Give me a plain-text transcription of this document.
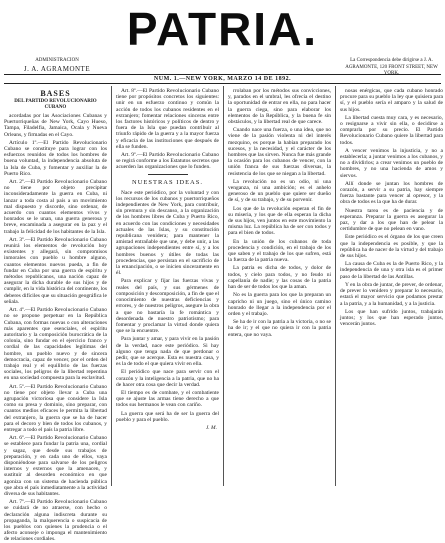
ADMINISTRACION
J. A. AGRAMONTE
PATRIA.
La Correspondencia debe dirigirse a J. A. AGRAMONTE, 120 FRONT STREET, NEW
NUM. 1.—NEW YORK, MARZO 14 DE 1892.
BASES
DEL PARTIDO REVOLUCIONARIO CUBANO

acordadas por las Asociaciones Cubanas y Puertorriqueñas de New York, Cayo Hueso, Tampa, Filadelfia, Jamaica, Ocala y Nueva Orleans, y firmadas en el Cayo.

Artículo 1º.—El Partido Revolucionario Cubano se constituye para lograr con los esfuerzos reunidos de todos los hombres de buena voluntad, la independencia absoluta de la Isla de Cuba, y fomentar y auxiliar la de Puerto Rico.

Art. 2º.—El Partido Revolucionario Cubano no tiene por objeto precipitar inconsideradamente la guerra en Cuba, ni lanzar a toda costa al país a un movimiento mal dispuesto y discorde, sino ordenar, de acuerdo con cuantos elementos vivos y honrados se le unan, una guerra generosa y breve, encaminada a asegurar en la paz y el trabajo la felicidad de los habitantes de la Isla.

Art. 3º.—El Partido Revolucionario Cubano reunirá los elementos de revolución hoy existentes y allegará, sin compromisos inmorales con pueblo u hombre alguno, cuantos elementos nuevos pueda, a fin de fundar en Cuba por una guerra de espíritu y métodos republicanos, una nación capaz de asegurar la dicha durable de sus hijos y de cumplir, en la vida histórica del continente, los deberes difíciles que su situación geográfica le señala.

Art. 4º.—El Partido Revolucionario Cubano no se propone perpetuar en la República Cubana, con formas nuevas o con alteraciones más aparentes que esenciales, el espíritu autoritario y la composición burocrática de la colonia, sino fundar en el ejercicio franco y cordial de las capacidades legítimas del hombre, un pueblo nuevo y de sincera democracia, capaz de vencer, por el orden del trabajo real y el equilibrio de las fuerzas sociales, los peligros de la libertad repentina en una sociedad compuesta para la esclavitud.

Art. 5º.—El Partido Revolucionario Cubano no tiene por objeto llevar a Cuba una agrupación victoriosa que considere la Isla como su presa y dominio, sino preparar, con cuantos medios eficaces le permita la libertad del extranjero, la guerra que se ha de hacer para el decoro y bien de todos los cubanos, y entregar a todo el país la patria libre.

Art. 6º.—El Partido Revolucionario Cubano se establece para fundar la patria una, cordial y sagaz, que desde sus trabajos de preparación, y en cada uno de ellos, vaya disponiéndose para salvarse de los peligros internos y externos que la amenacen, y sustituir al desorden económico en que agoniza con un sistema de hacienda pública que abra el país inmediatamente a la actividad diversa de sus habitantes.

Art. 7º.—El Partido Revolucionario Cubano se cuidará de no atraerse, con hecho o declaración alguna indiscreta durante su propaganda, la malquerencia o suspicacia de los pueblos con quienes la prudencia o el afecto aconseje o imponga el mantenimiento de relaciones cordiales.

Art. 8º.—El Partido Revolucionario Cubano tiene por propósitos concretos los siguientes: unir en un esfuerzo continuo y común la acción de todos los cubanos residentes en el extranjero; fomentar relaciones sinceras entre los factores históricos y políticos de dentro y fuera de la Isla que puedan contribuir al triunfo rápido de la guerra y a la mayor fuerza y eficacia de las instituciones que después de ella se funden.

Art. 9º.—El Partido Revolucionario Cubano se regirá conforme a los Estatutos secretos que acuerden las organizaciones que lo funden.

NUESTRAS IDEAS.

Nace este periódico, por la voluntad y con los recursos de los cubanos y puertorriqueños independientes de New York, para contribuir, sin premura y sin descanso, a la organización de los hombres libres de Cuba y Puerto Rico, en acuerdo con las condiciones y necesidades actuales de las Islas, y su constitución republicana venidera; para mantener la amistad entrañable que une, y debe unir, a las agrupaciones independientes entre sí, y a los hombres buenos y útiles de todas las procedencias, que persistan en el sacrificio de la emancipación, o se inicien sinceramente en él.

Para explicar y fijar las fuerzas vivas y reales del país, y sus gérmenes de composición y descomposición, a fin de que el conocimiento de nuestras deficiencias y errores, y de nuestros peligros, asegure la obra a que no bastaría la fe romántica y desordenada de nuestro patriotismo; para fomentar y proclamar la virtud donde quiera que se la encuentre.

Para juntar y amar, y para vivir en la pasión de la verdad, nace este periódico. Si hay alguno que tenga nada de que perdonar o pedir, que se acerque. Esta es nuestra casa, y es la de todo el que quiera vivir en ella.

El periódico que nace para servir con el corazón y la inteligencia a la patria, que no ha de hacer otra cosa que decir la verdad.

El tiempo es de combate, y el combatiente que se ajuste las armas tiene derecho a que todos sus hermanos le vean con cariño.

La guerra que será ha de ser la guerra del pueblo y para el pueblo.

J. M.

rrolaban por los métodos sus convicciones, y, parados en el umbral, les ofrecía el destino la oportunidad de entrar en ella, no para hacer la guerra ciega, sino para elaborar los elementos de la República, y la buena fe sin obstáculos, y la libertad real de que carece.

Cuando nace una fuerza, o una idea, que no viene de la pasión violenta ni del interés mezquino, es porque la habían preparado los sucesos, y la necesidad, y el carácter de los hombres que las sirven. Nunca fue más grande la ocasión para los cubanos de vencer, con la unión franca de sus fuerzas diversas, la resistencia de los que se niegan a la libertad.

La revolución no es un odio, ni una venganza, ni una ambición; es el anhelo generoso de un pueblo que quiere ser dueño de sí, y de su trabajo, y de su porvenir.

Los que de la revolución esperan el fin de su miseria, y los que de ella esperan la dicha de sus hijos, ven juntos en este movimiento la misma luz. La república ha de ser con todos y para el bien de todos.

En la unión de los cubanos de toda procedencia y condición, en el trabajo de los que saben y el trabajo de los que sufren, está la fuerza de la patria nueva.

La patria es dicha de todos, y dolor de todos, y cielo para todos, y no feudo ni capellanía de nadie; y las cosas de la patria han de ser de todos los que la aman.

No es la guerra para los que la preparan un capricho ni un juego, sino el único camino honrado de llegar a la independencia por el orden y el trabajo.

Se ha de ir con la patria a la victoria, o no se ha de ir; y el que no quiera ir con la patria entera, que no vaya.

nosas enérgicas, que cada cubano honrado procure para su pueblo la ley que quisiera para sí, y el pueblo sería el amparo y la salud de sus hijos.

La libertad cuesta muy cara, y es necesario, o resignarse a vivir sin ella, o decidirse a comprarla por su precio. El Partido Revolucionario Cubano quiere la libertad para todos.

A vencer venimos la injusticia, y no a establecerla; a juntar venimos a los cubanos, y no a dividirlos; a crear venimos un pueblo de hombres, y no una hacienda de amos y siervos.

Allí donde se juntan los hombres de corazón, a servir a su patria, hay siempre fuerza bastante para vencer al opresor, y la obra de todos es la que ha de durar.

Nuestra tarea es de paciencia y de esperanza. Preparar la guerra es asegurar la paz, y dar a los que han de pelear la certidumbre de que no pelean en vano.

Este periódico es el órgano de los que creen que la independencia es posible, y que la república ha de nacer de la virtud y del trabajo de sus hijos.

La causa de Cuba es la de Puerto Rico, y la independencia de una y otra isla es el primer paso de la libertad de las Antillas.

Y en la obra de juntar, de prever, de ordenar, de prever lo venidero y preparar lo necesario, estará el mayor servicio que podamos prestar a la patria, y a la humanidad, y a la justicia.

Los que han sufrido juntos, trabajarán juntos; y los que han esperado juntos, vencerán juntos.
